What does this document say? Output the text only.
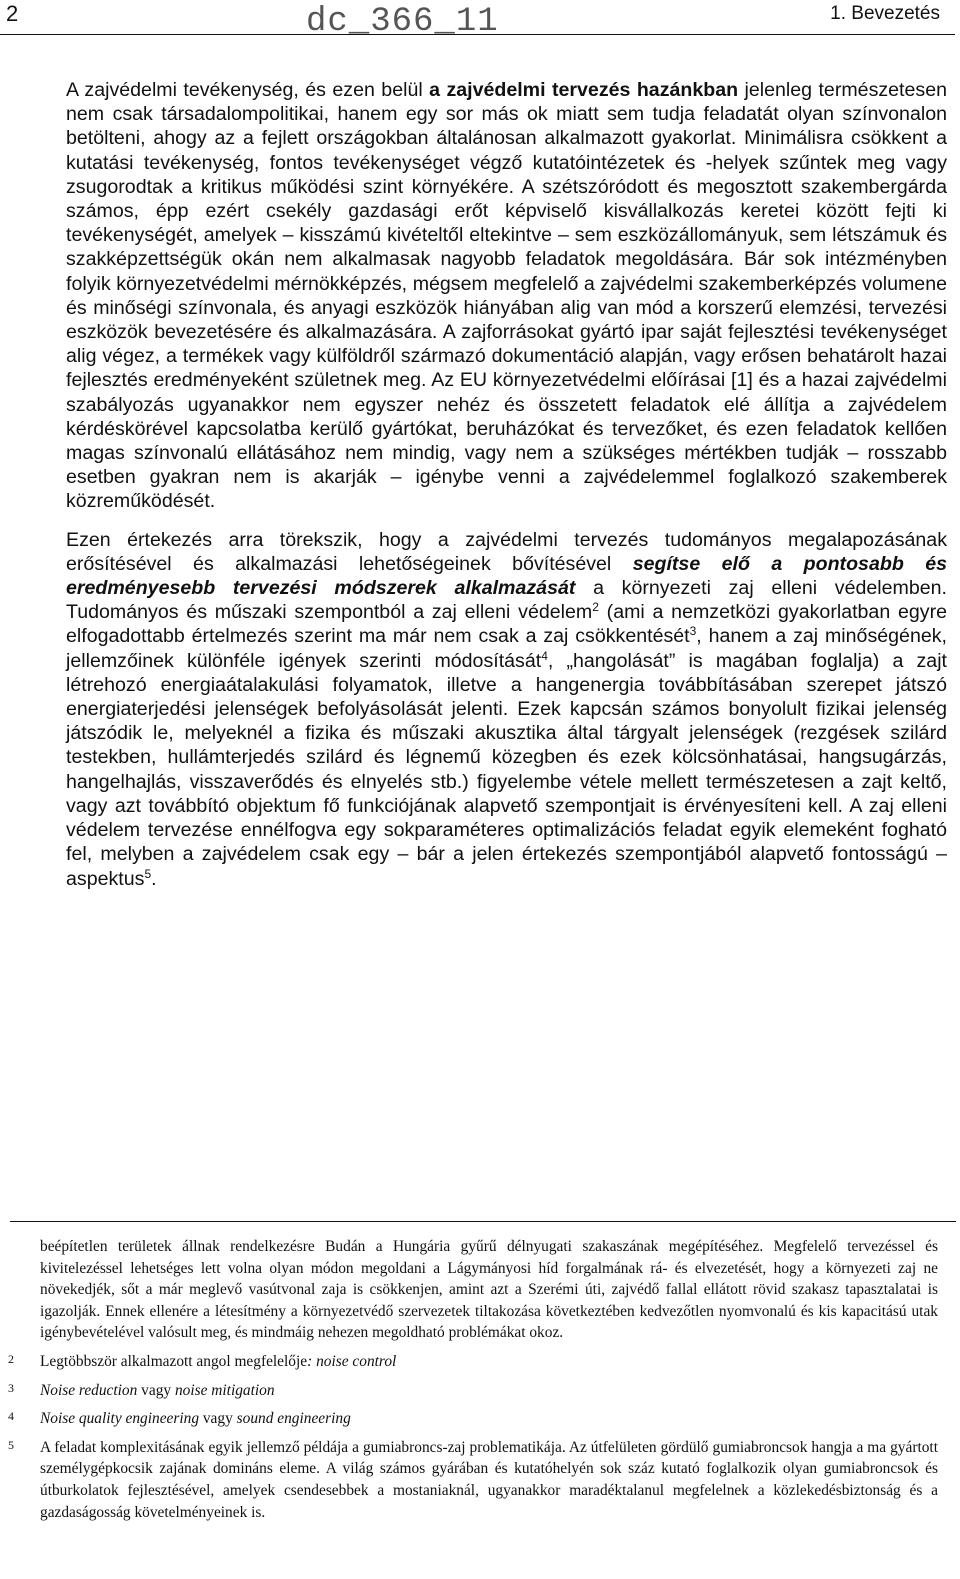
2	dc_366_11	1. Bevezetés

A zajvédelmi tevékenység, és ezen belül a zajvédelmi tervezés hazánkban jelenleg természetesen nem csak társadalompolitikai, hanem egy sor más ok miatt sem tudja feladatát olyan színvonalon betölteni, ahogy az a fejlett országokban általánosan alkalmazott gyakorlat. Minimálisra csökkent a kutatási tevékenység, fontos tevékenységet végző kutatóintézetek és -helyek szűntek meg vagy zsugorodtak a kritikus működési szint környékére. A szétszóródott és megosztott szakembergárda számos, épp ezért csekély gazdasági erőt képviselő kisvállalkozás keretei között fejti ki tevékenységét, amelyek – kisszámú kivételtől eltekintve – sem eszközállományuk, sem létszámuk és szakképzettségük okán nem alkalmasak nagyobb feladatok megoldására. Bár sok intézményben folyik környezetvédelmi mérnökképzés, mégsem megfelelő a zajvédelmi szakemberképzés volumene és minőségi színvonala, és anyagi eszközök hiányában alig van mód a korszerű elemzési, tervezési eszközök bevezetésére és alkalmazására. A zajforrásokat gyártó ipar saját fejlesztési tevékenységet alig végez, a termékek vagy külföldről származó dokumentáció alapján, vagy erősen behatárolt hazai fejlesztés eredményeként születnek meg. Az EU környezetvédelmi előírásai [1] és a hazai zajvédelmi szabályozás ugyanakkor nem egyszer nehéz és összetett feladatok elé állítja a zajvédelem kérdéskörével kapcsolatba kerülő gyártókat, beruházókat és tervezőket, és ezen feladatok kellően magas színvonalú ellátásához nem mindig, vagy nem a szükséges mértékben tudják – rosszabb esetben gyakran nem is akarják – igénybe venni a zajvédelemmel foglalkozó szakemberek közreműködését.

Ezen értekezés arra törekszik, hogy a zajvédelmi tervezés tudományos megalapozásának erősítésével és alkalmazási lehetőségeinek bővítésével segítse elő a pontosabb és eredményesebb tervezési módszerek alkalmazását a környezeti zaj elleni védelemben. Tudományos és műszaki szempontból a zaj elleni védelem$^2$ (ami a nemzetközi gyakorlatban egyre elfogadottabb értelmezés szerint ma már nem csak a zaj csökkentését$^3$, hanem a zaj minőségének, jellemzőinek különféle igények szerinti módosítását$^4$, „hangolását” is magában foglalja) a zajt létrehozó energiaátalakulási folyamatok, illetve a hangenergia továbbításában szerepet játszó energiaterjedési jelenségek befolyásolását jelenti. Ezek kapcsán számos bonyolult fizikai jelenség játszódik le, melyeknél a fizika és műszaki akusztika által tárgyalt jelenségek (rezgések szilárd testekben, hullámterjedés szilárd és légnemű közegben és ezek kölcsönhatásai, hangsugárzás, hangelhajlás, visszaverődés és elnyelés stb.) figyelembe vétele mellett természetesen a zajt keltő, vagy azt továbbító objektum fő funkciójának alapvető szempontjait is érvényesíteni kell. A zaj elleni védelem tervezése ennélfogva egy sokparaméteres optimalizációs feladat egyik elemeként fogható fel, melyben a zajvédelem csak egy – bár a jelen értekezés szempontjából alapvető fontosságú – aspektus$^5$.

beépítetlen területek állnak rendelkezésre Budán a Hungária gyűrű délnyugati szakaszának megépítéséhez. Megfelelő tervezéssel és kivitelezéssel lehetséges lett volna olyan módon megoldani a Lágymányosi híd forgalmának rá- és elvezetését, hogy a környezeti zaj ne növekedjék, sőt a már meglevő vasútvonal zaja is csökkenjen, amint azt a Szerémi úti, zajvédő fallal ellátott rövid szakasz tapasztalatai is igazolják. Ennek ellenére a létesítmény a környezetvédő szervezetek tiltakozása következtében kedvezőtlen nyomvonalú és kis kapacitású utak igénybevételével valósult meg, és mindmáig nehezen megoldható problémákat okoz.

2 Legtöbbször alkalmazott angol megfelelője: noise control

3 Noise reduction vagy noise mitigation

4 Noise quality engineering vagy sound engineering

5 A feladat komplexitásának egyik jellemző példája a gumiabroncs-zaj problematikája. Az útfelületen gördülő gumiabroncsok hangja a ma gyártott személygépkocsik zajának domináns eleme. A világ számos gyárában és kutatóhelyén sok száz kutató foglalkozik olyan gumiabroncsok és útburkolatok fejlesztésével, amelyek csendesebbek a mostaniaknál, ugyanakkor maradéktalanul megfelelnek a közlekedésbiztonság és a gazdaságosság követelményeinek is.
